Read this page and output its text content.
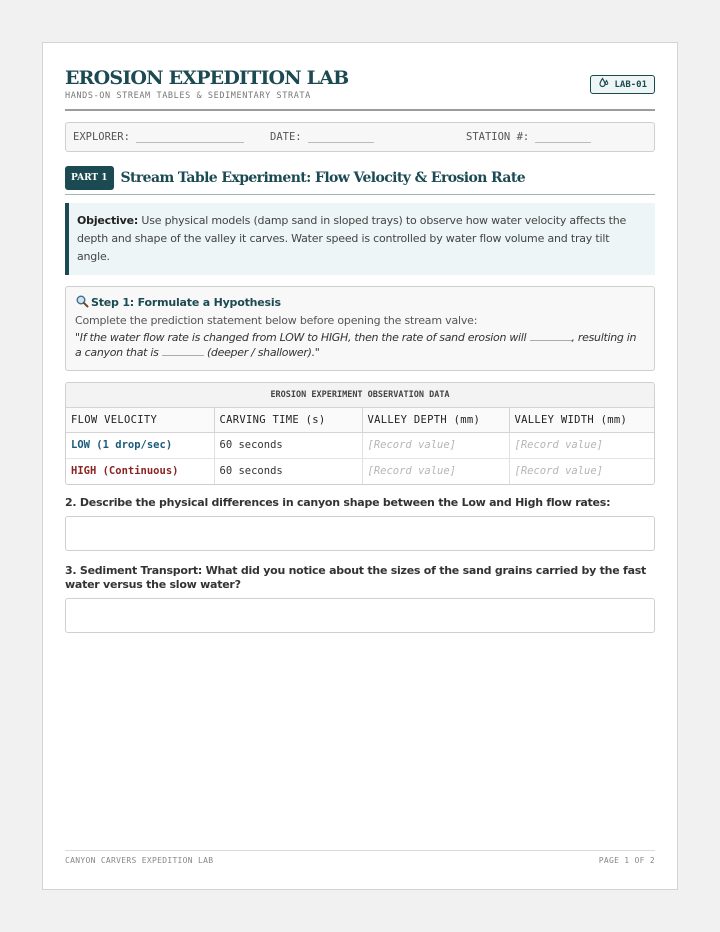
EROSION EXPEDITION LAB
HANDS-ON STREAM TABLES & SEDIMENTARY STRATA
LAB-01
EXPLORER:	DATE:	STATION #:
PART 1 Stream Table Experiment: Flow Velocity & Erosion Rate
Objective: Use physical models (damp sand in sloped trays) to observe how water velocity affects the depth and shape of the valley it carves. Water speed is controlled by water flow volume and tray tilt angle.
Step 1: Formulate a Hypothesis
Complete the prediction statement below before opening the stream valve:
"If the water flow rate is changed from LOW to HIGH, then the rate of sand erosion will	, resulting in a canyon that is	(deeper / shallower)."
EROSION EXPERIMENT OBSERVATION DATA
FLOW VELOCITY	CARVING TIME (s)	VALLEY DEPTH (mm)	VALLEY WIDTH (mm)
LOW (1 drop/sec)	60 seconds	[Record value]	[Record value]
HIGH (Continuous)	60 seconds	[Record value]	[Record value]
2. Describe the physical differences in canyon shape between the Low and High flow rates:
3. Sediment Transport: What did you notice about the sizes of the sand grains carried by the fast water versus the slow water?
CANYON CARVERS EXPEDITION LAB	PAGE 1 OF 2
